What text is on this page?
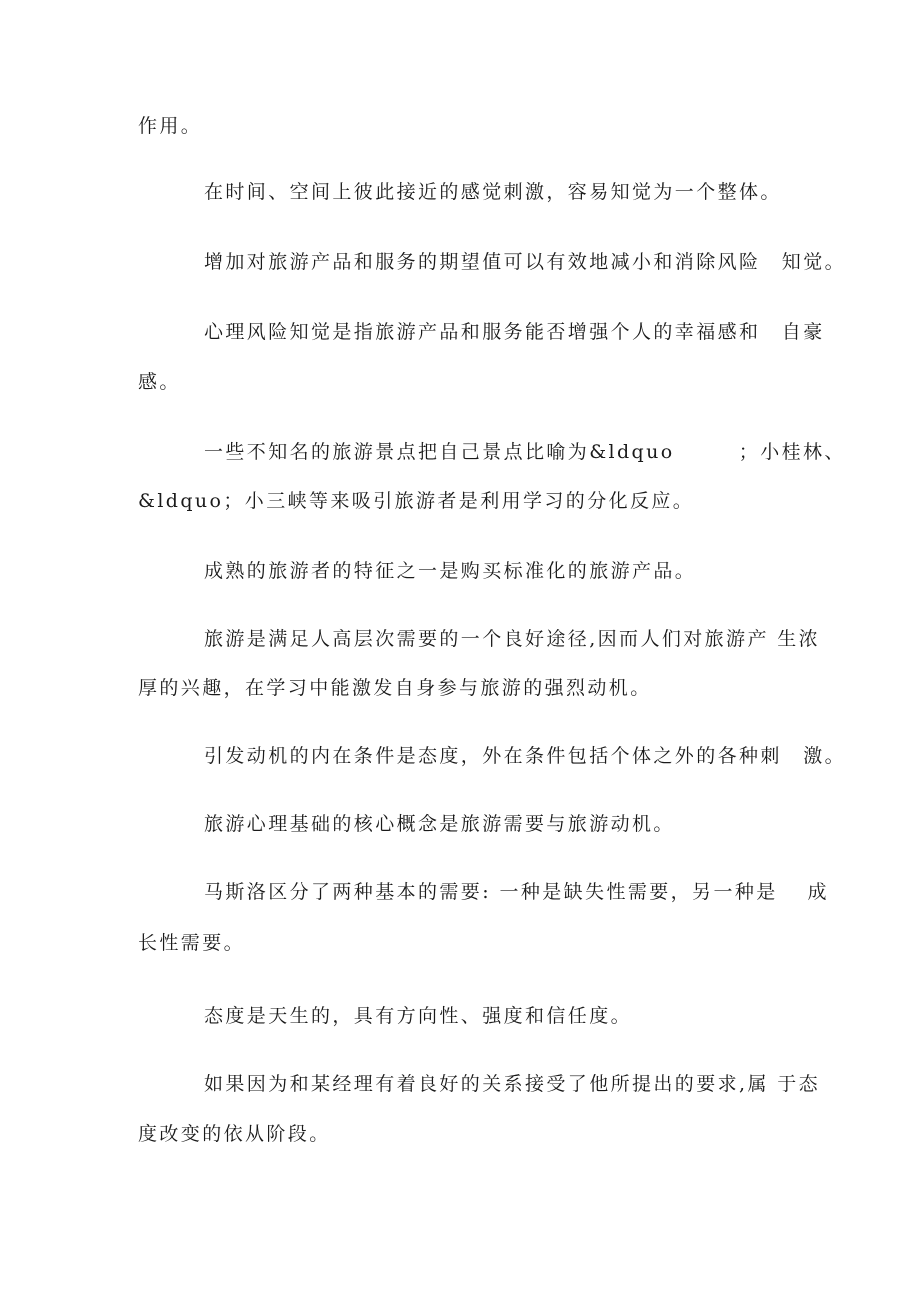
作用。
在时间、空间上彼此接近的感觉刺激，容易知觉为一个整体。
增加对旅游产品和服务的期望值可以有效地减小和消除风险　知觉。
心理风险知觉是指旅游产品和服务能否增强个人的幸福感和　自豪
感。
一些不知名的旅游景点把自己景点比喻为&ldquo　　　；小桂林、
&ldquo；小三峡等来吸引旅游者是利用学习的分化反应。
成熟的旅游者的特征之一是购买标准化的旅游产品。
旅游是满足人高层次需要的一个良好途径,因而人们对旅游产 生浓
厚的兴趣，在学习中能激发自身参与旅游的强烈动机。
引发动机的内在条件是态度，外在条件包括个体之外的各种刺　激。
旅游心理基础的核心概念是旅游需要与旅游动机。
马斯洛区分了两种基本的需要: 一种是缺失性需要，另一种是　 成
长性需要。
态度是天生的，具有方向性、强度和信任度。
如果因为和某经理有着良好的关系接受了他所提出的要求,属 于态
度改变的依从阶段。
